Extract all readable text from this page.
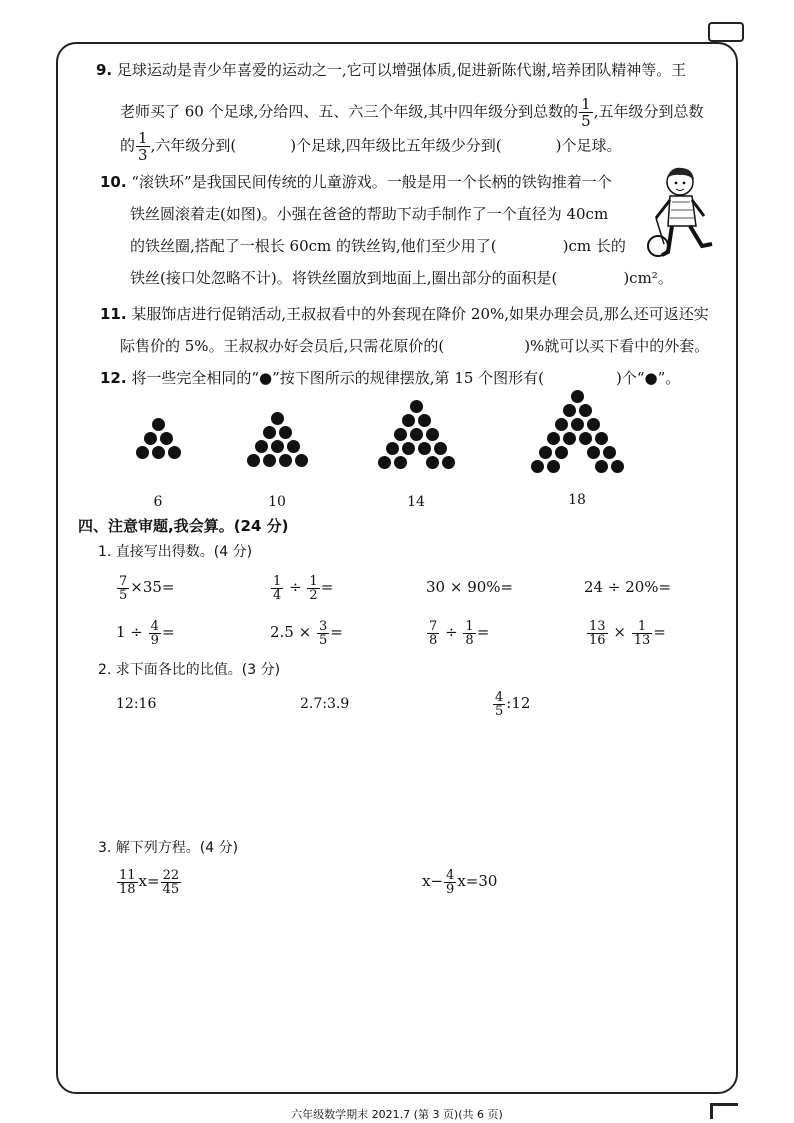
9. 足球运动是青少年喜爱的运动之一,它可以增强体质,促进新陈代谢,培养团队精神等。王
老师买了 60 个足球,分给四、五、六三个年级,其中四年级分到总数的 $\frac{1}{5}$ ,五年级分到总数
的 $\frac{1}{3}$ ,六年级分到(	)个足球,四年级比五年级少分到(	)个足球。
10. “滚铁环”是我国民间传统的儿童游戏。一般是用一个长柄的铁钩推着一个
铁丝圆滚着走(如图)。小强在爸爸的帮助下动手制作了一个直径为 40cm
的铁丝圈,搭配了一根长 60cm 的铁丝钩,他们至少用了(	)cm 长的
铁丝(接口处忽略不计)。将铁丝圈放到地面上,圈出部分的面积是(	)cm²。
11. 某服饰店进行促销活动,王叔叔看中的外套现在降价 20%,如果办理会员,那么还可返还实
际售价的 5%。王叔叔办好会员后,只需花原价的(	)%就可以买下看中的外套。
12. 将一些完全相同的“●”按下图所示的规律摆放,第 15 个图形有(	)个“●”。
6	10	14	18
四、注意审题,我会算。(24 分)
1. 直接写出得数。(4 分)
$\frac{7}{5} \times 35=$	$\frac{1}{4} \div \frac{1}{2}$ =	30 × 90%=	24 ÷ 20%=
$1 \div \frac{4}{9}$ =	$2.5 \times \frac{3}{5}$ =	$\frac{7}{8} \div \frac{1}{8}$ =	$\frac{13}{16} \times \frac{1}{13}$ =
2. 求下面各比的比值。(3 分)
12:16	2.7:3.9	$\frac{4}{5}$ :12
3. 解下列方程。(4 分)
$\frac{11}{18} x= \frac{22}{45}$	$x- \frac{4}{9} x=30$
六年级数学期末 2021.7 (第 3 页)(共 6 页)
